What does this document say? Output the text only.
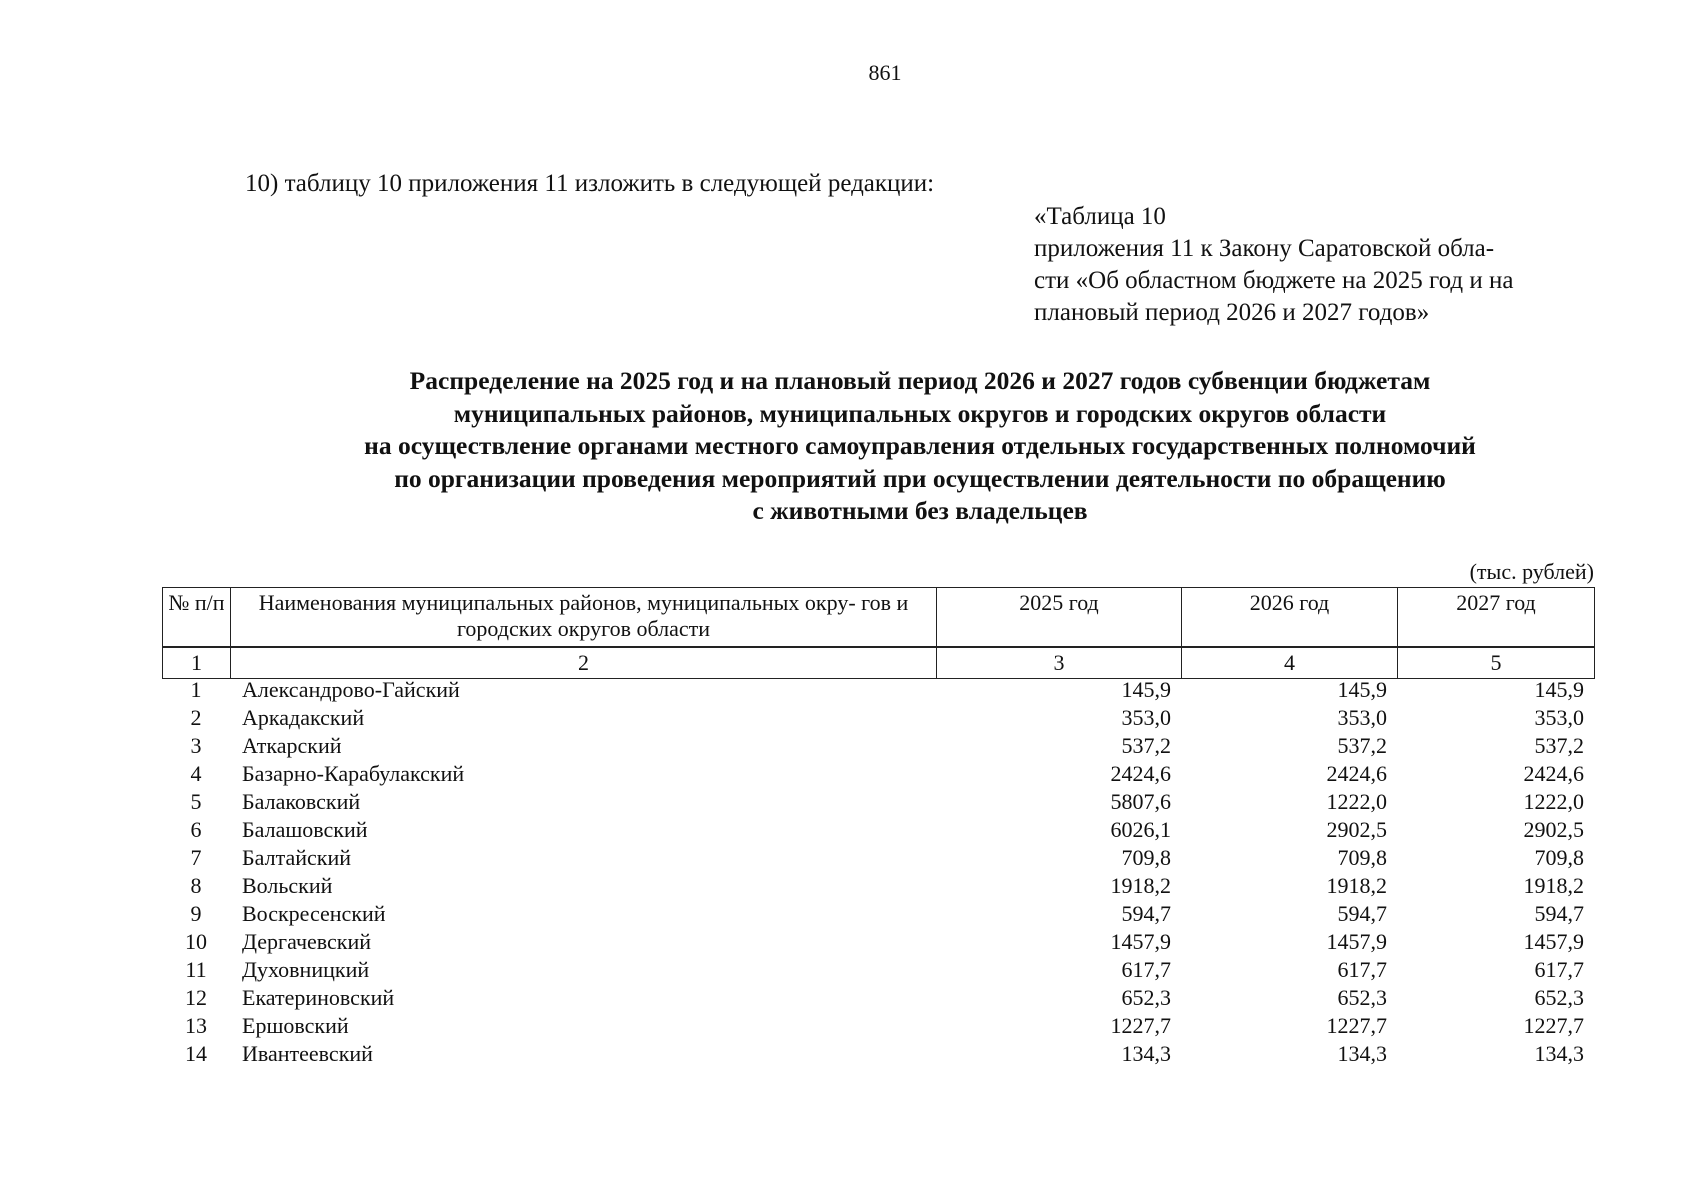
861
10) таблицу 10 приложения 11 изложить в следующей редакции:
«Таблица 10
приложения 11 к Закону Саратовской обла-
сти «Об областном бюджете на 2025 год и на
плановый период 2026 и 2027 годов»
Распределение на 2025 год и на плановый период 2026 и 2027 годов субвенции бюджетам
муниципальных районов, муниципальных округов и городских округов области
на осуществление органами местного самоуправления отдельных государственных полномочий
по организации проведения мероприятий при осуществлении деятельности по обращению
с животными без владельцев
(тыс. рублей)
№ п/п	Наименования муниципальных районов, муниципальных окру- гов и городских округов области	2025 год	2026 год	2027 год
1	2	3	4	5
1	Александрово-Гайский	145,9	145,9	145,9
2	Аркадакский	353,0	353,0	353,0
3	Аткарский	537,2	537,2	537,2
4	Базарно-Карабулакский	2424,6	2424,6	2424,6
5	Балаковский	5807,6	1222,0	1222,0
6	Балашовский	6026,1	2902,5	2902,5
7	Балтайский	709,8	709,8	709,8
8	Вольский	1918,2	1918,2	1918,2
9	Воскресенский	594,7	594,7	594,7
10	Дергачевский	1457,9	1457,9	1457,9
11	Духовницкий	617,7	617,7	617,7
12	Екатериновский	652,3	652,3	652,3
13	Ершовский	1227,7	1227,7	1227,7
14	Ивантеевский	134,3	134,3	134,3
